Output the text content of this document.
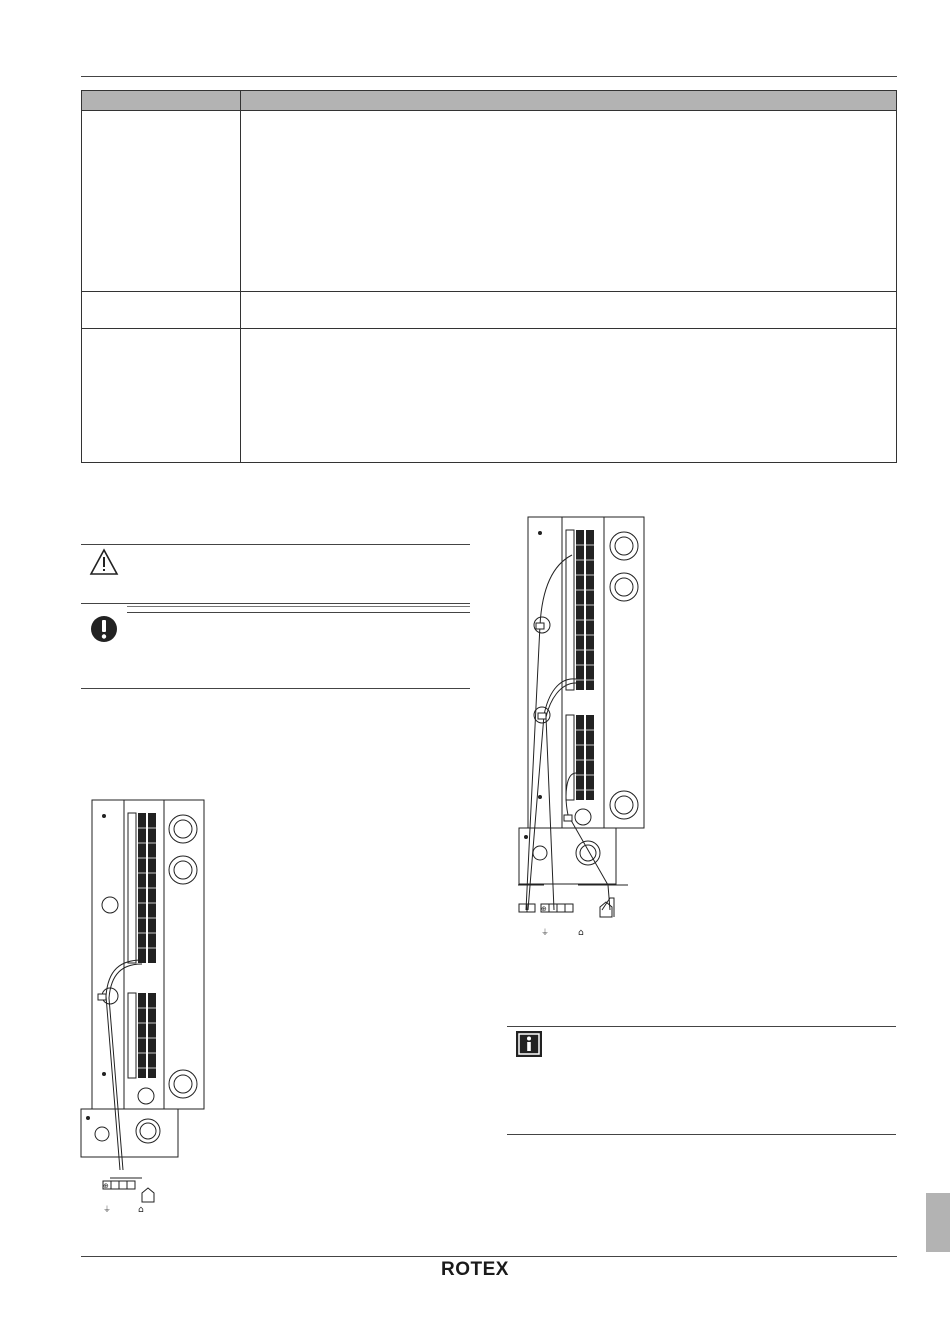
⊕
⏚	⌂
⊕
⏚	⌂
ROTEX
